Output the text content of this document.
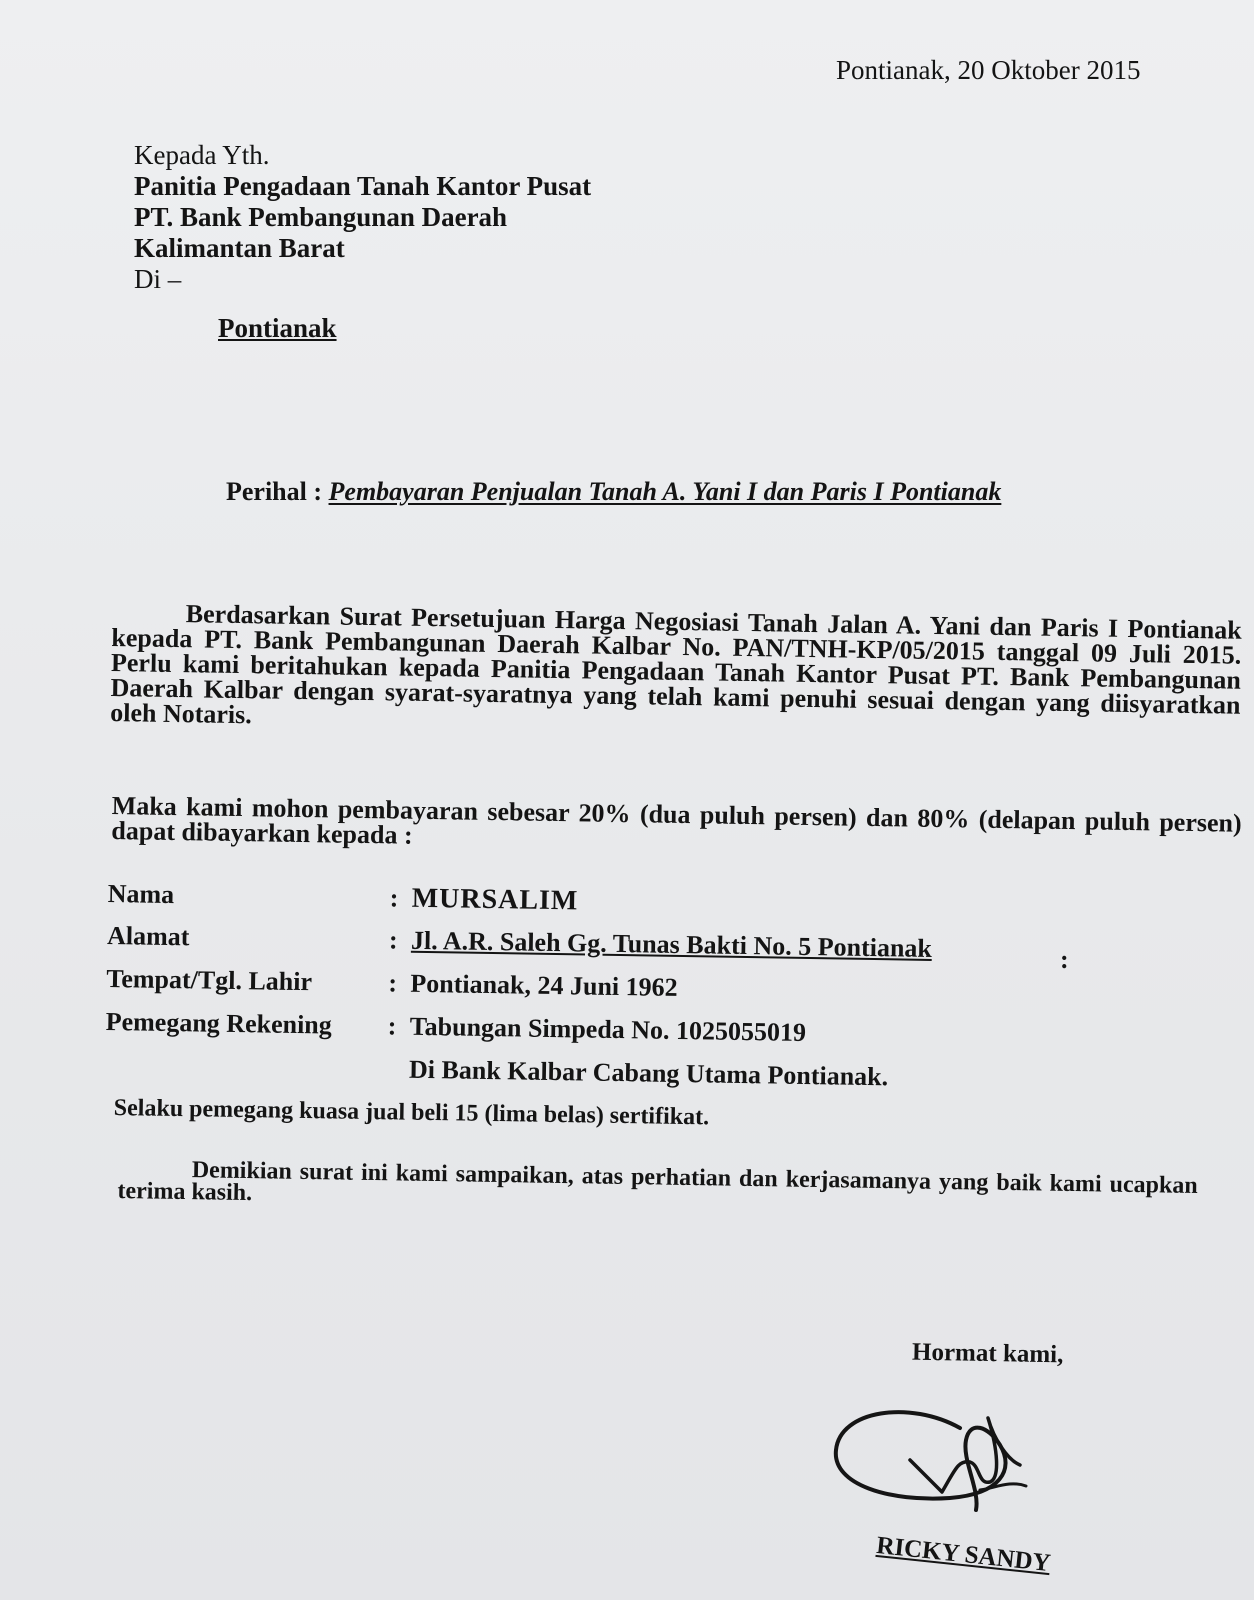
Pontianak, 20 Oktober 2015
Kepada Yth.
Panitia Pengadaan Tanah Kantor Pusat
PT. Bank Pembangunan Daerah
Kalimantan Barat
Di –
Pontianak
Perihal : Pembayaran Penjualan Tanah A. Yani I dan Paris I Pontianak
Berdasarkan Surat Persetujuan Harga Negosiasi Tanah Jalan A. Yani dan Paris I Pontianak kepada PT. Bank Pembangunan Daerah Kalbar No. PAN/TNH-KP/05/2015 tanggal 09 Juli 2015. Perlu kami beritahukan kepada Panitia Pengadaan Tanah Kantor Pusat PT. Bank Pembangunan Daerah Kalbar dengan syarat-syaratnya yang telah kami penuhi sesuai dengan yang diisyaratkan oleh Notaris.
Maka kami mohon pembayaran sebesar 20% (dua puluh persen) dan 80% (delapan puluh persen) dapat dibayarkan kepada :
Nama	: MURSALIM
Alamat	: Jl. A.R. Saleh Gg. Tunas Bakti No. 5 Pontianak
Tempat/Tgl. Lahir	: Pontianak, 24 Juni 1962
Pemegang Rekening	: Tabungan Simpeda No. 1025055019
Di Bank Kalbar Cabang Utama Pontianak.
Selaku pemegang kuasa jual beli 15 (lima belas) sertifikat.
Demikian surat ini kami sampaikan, atas perhatian dan kerjasamanya yang baik kami ucapkan terima kasih.
Hormat kami,
RICKY SANDY
:
